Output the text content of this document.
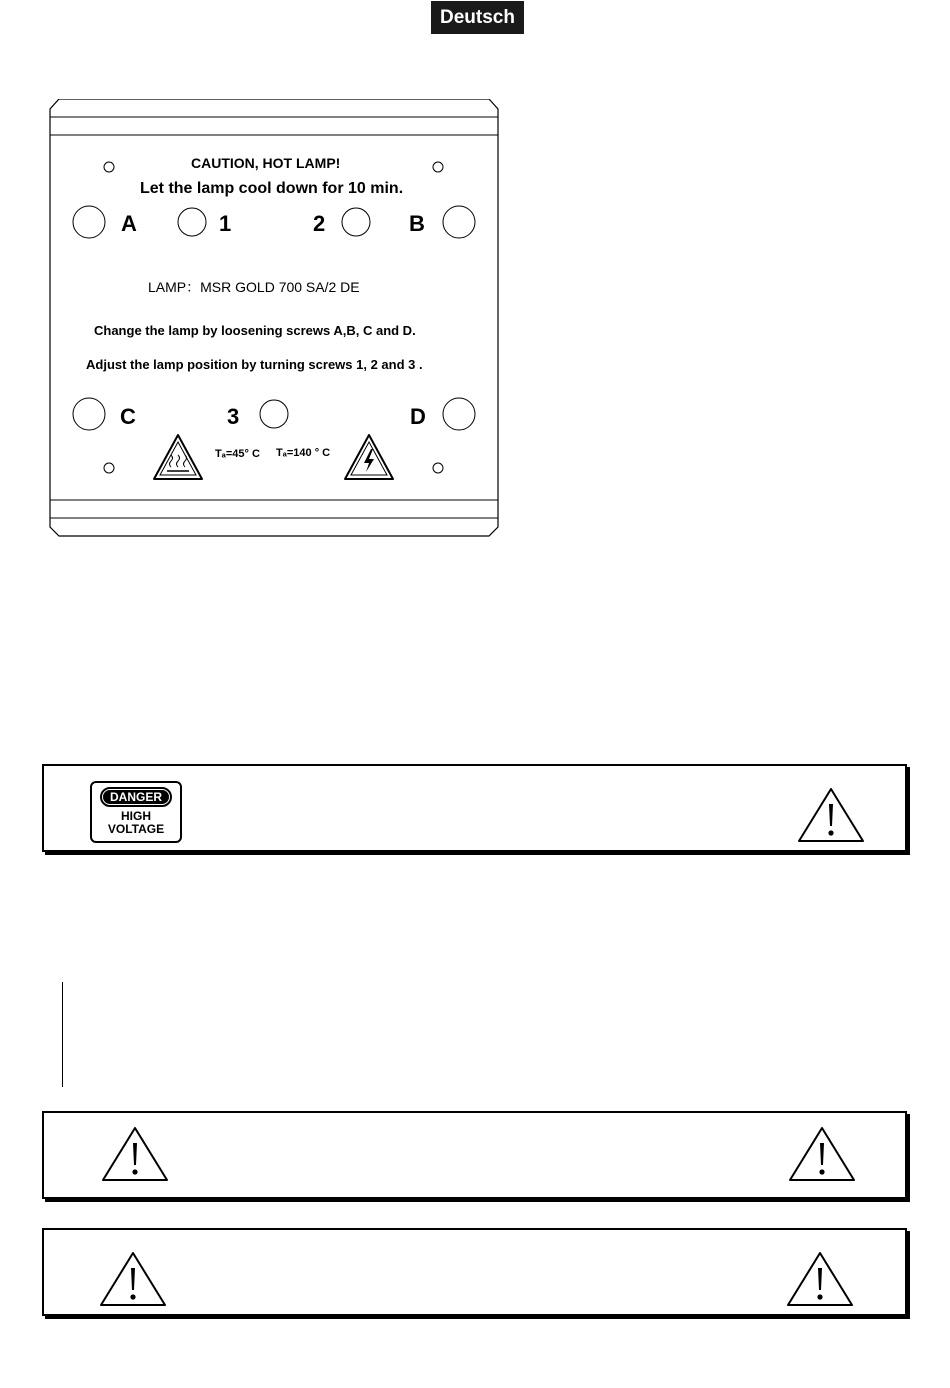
Deutsch
CAUTION, HOT LAMP!
Let the lamp cool down for 10 min.
LAMP：MSR GOLD 700 SA/2 DE
Change the lamp by loosening screws A,B, C and D.
Adjust the lamp position by turning screws 1, 2 and 3 .
A	1	2	B
C	3	D
Tₐ=45° C Tₐ=140 ° C
DANGER
HIGH
VOLTAGE
